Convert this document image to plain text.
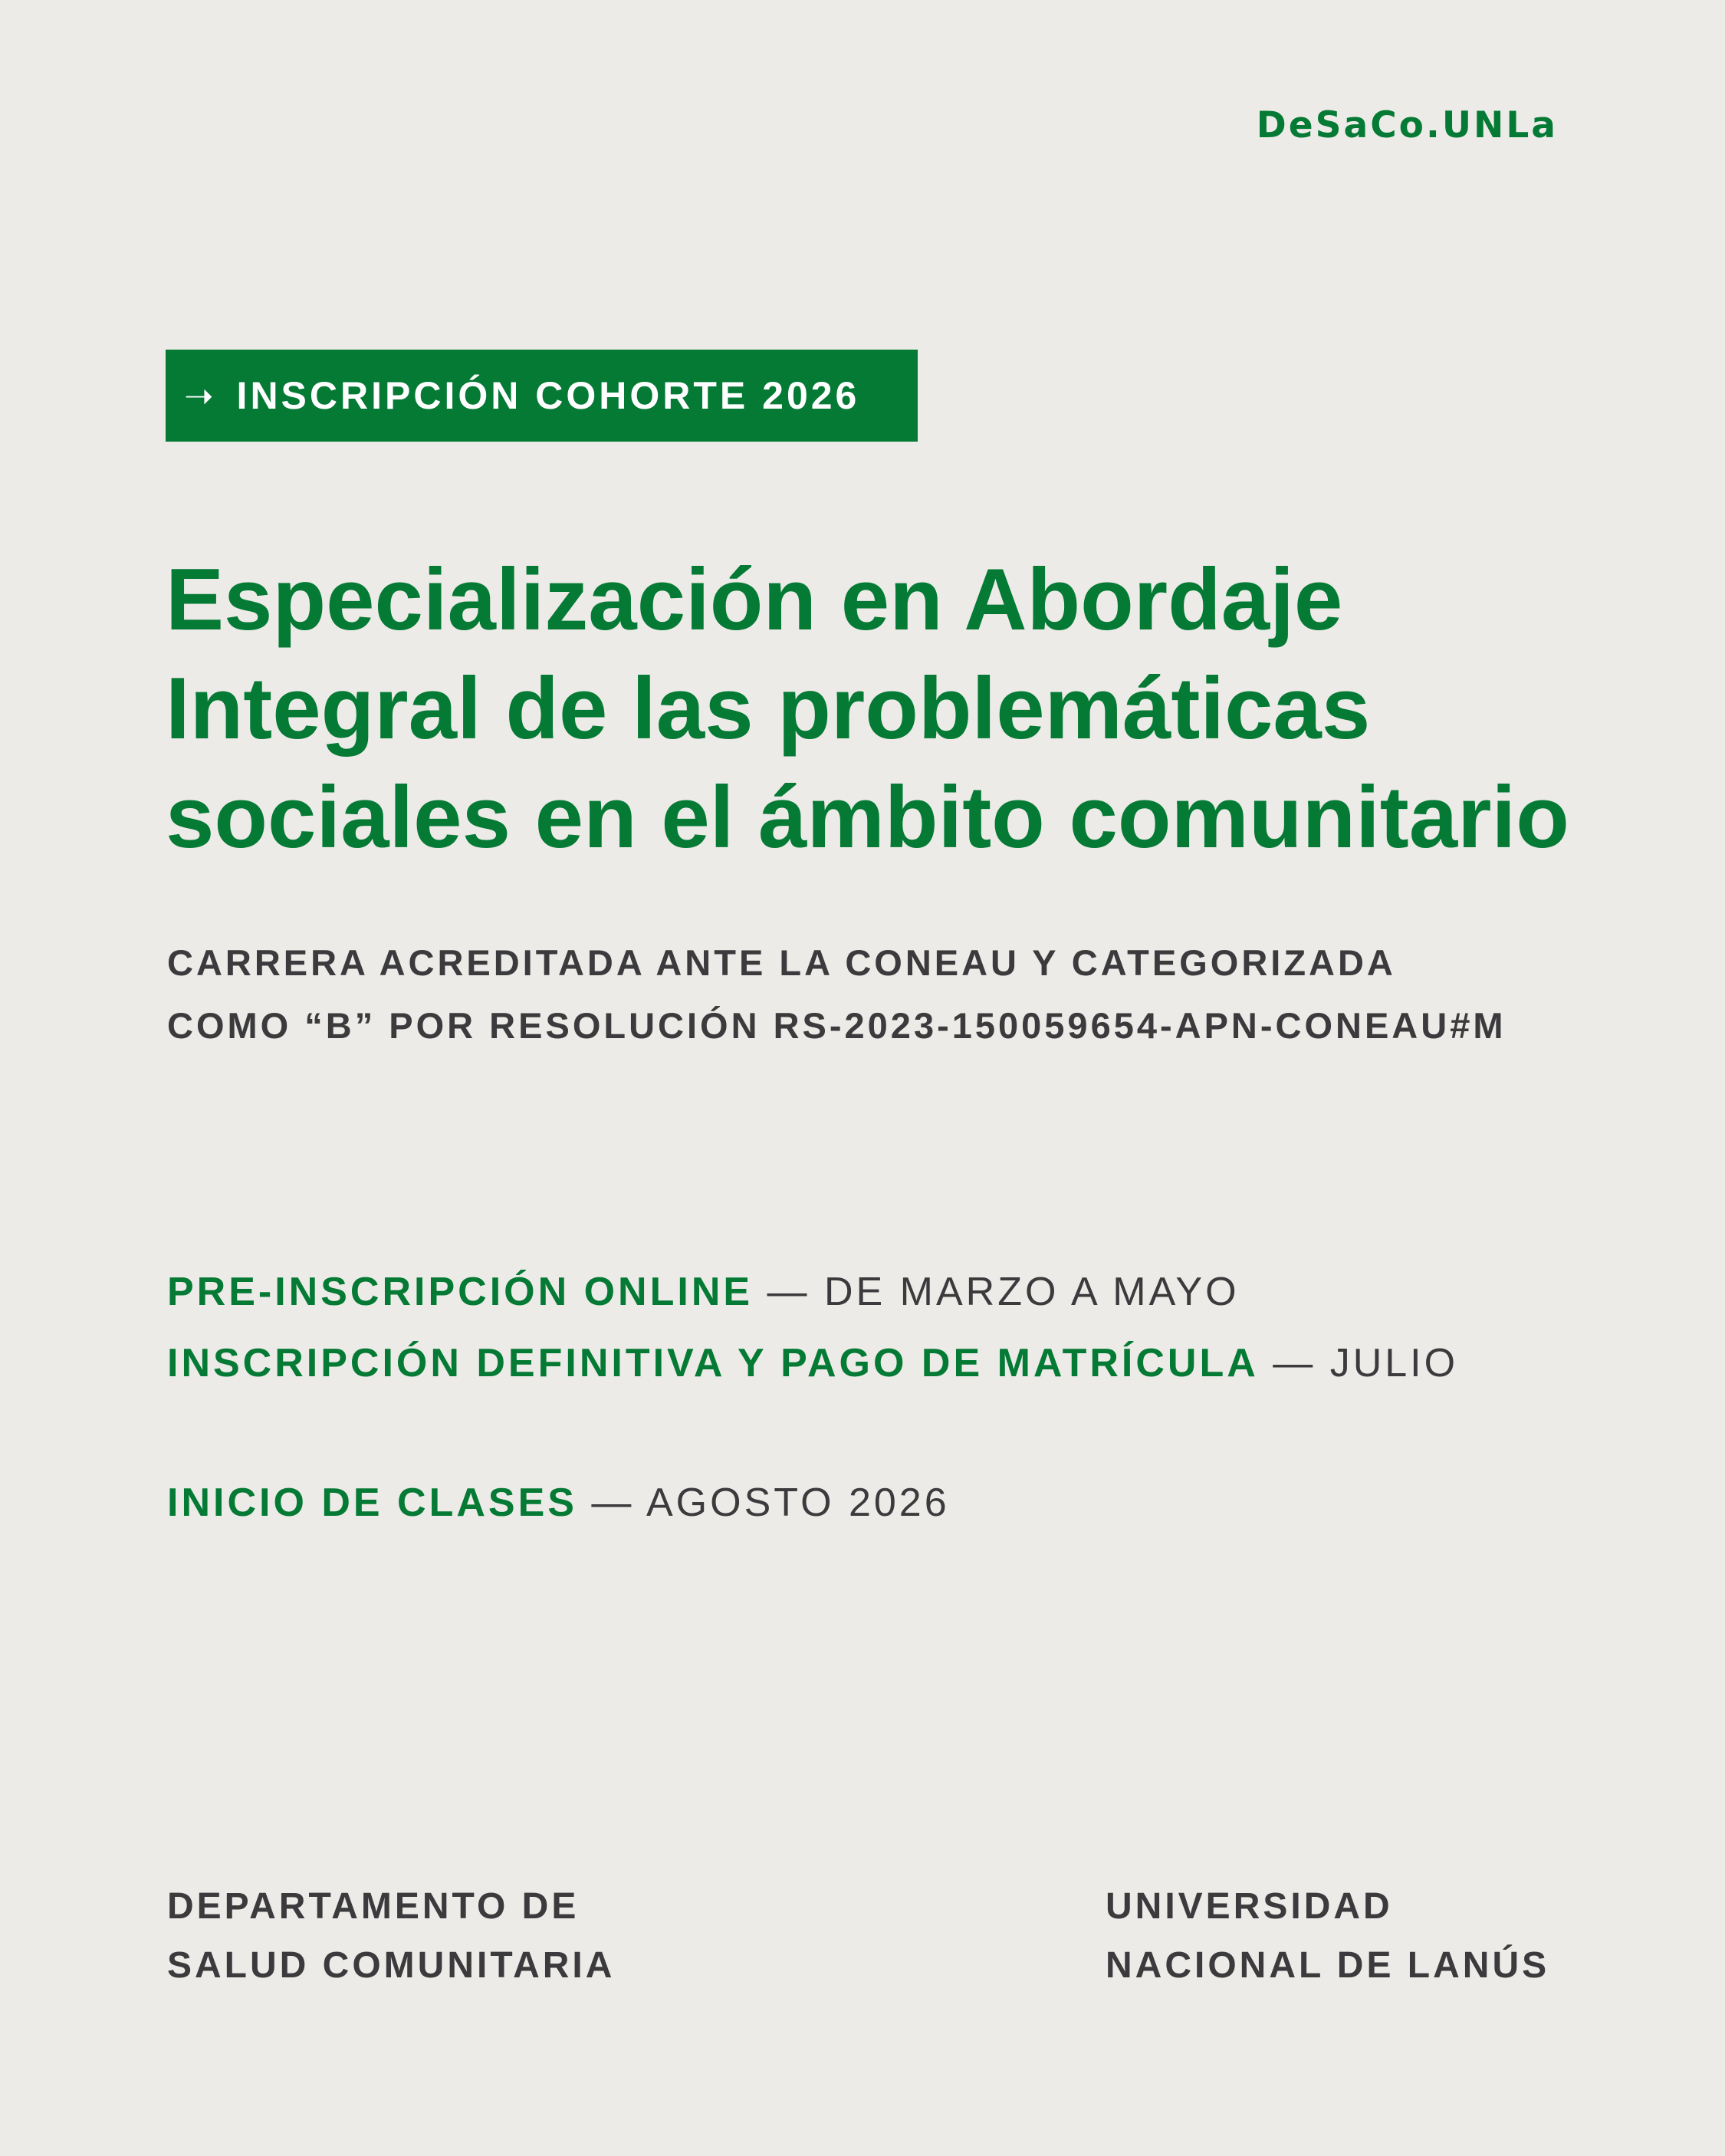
DeSaCo.UNLa
➝ INSCRIPCIÓN COHORTE 2026
Especialización en Abordaje
Integral de las problemáticas
sociales en el ámbito comunitario
CARRERA ACREDITADA ANTE LA CONEAU Y CATEGORIZADA
COMO “B” POR RESOLUCIÓN RS-2023-150059654-APN-CONEAU#M
PRE-INSCRIPCIÓN ONLINE — DE MARZO A MAYO
INSCRIPCIÓN DEFINITIVA Y PAGO DE MATRÍCULA — JULIO
INICIO DE CLASES — AGOSTO 2026
DEPARTAMENTO DE
SALUD COMUNITARIA
UNIVERSIDAD
NACIONAL DE LANÚS
